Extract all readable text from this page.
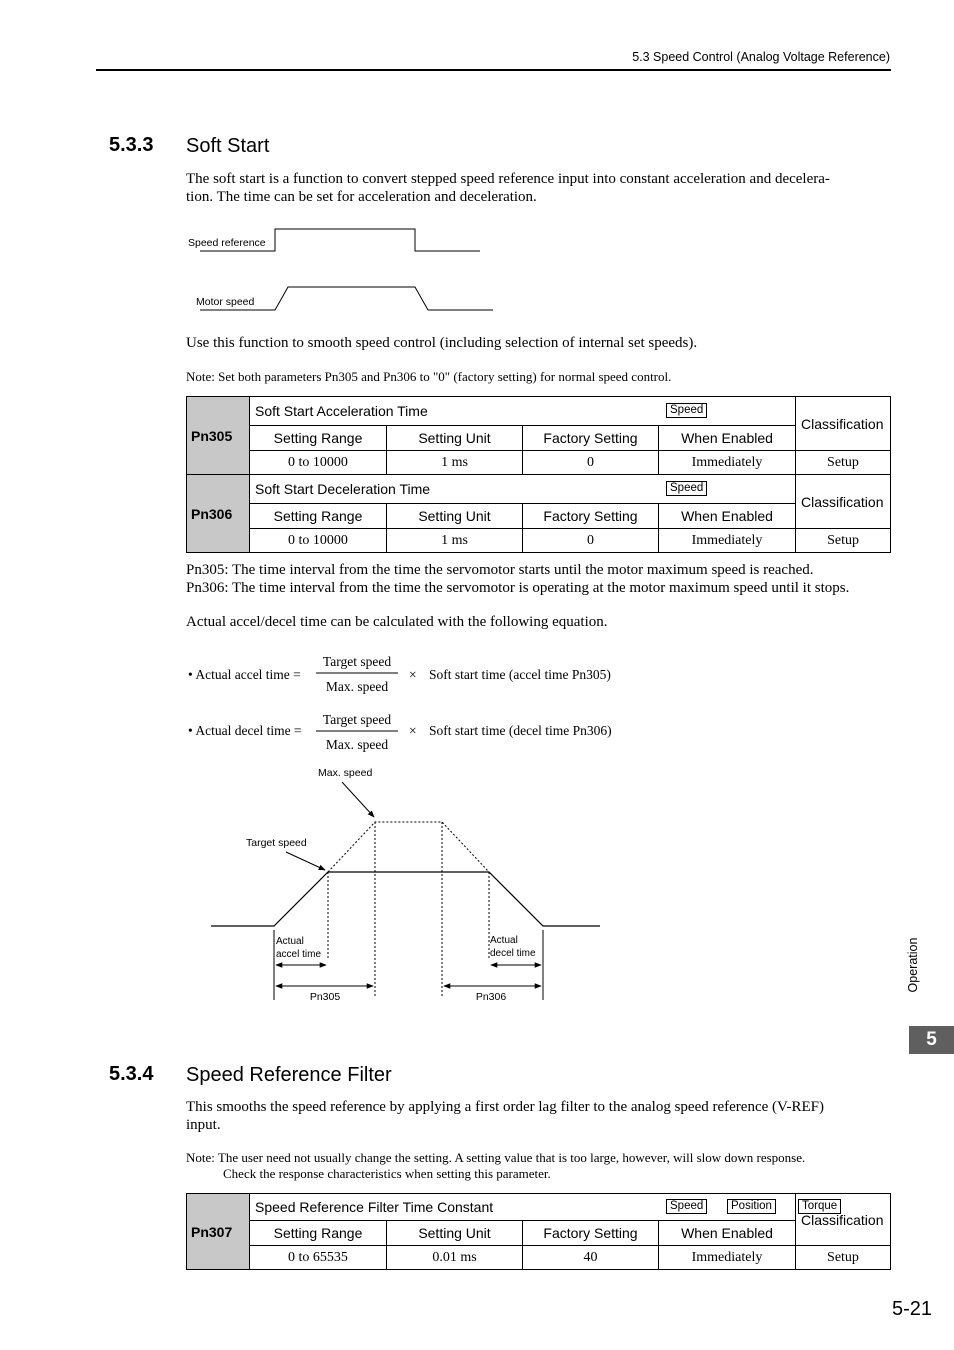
5.3 Speed Control (Analog Voltage Reference)
5.3.3 Soft Start
The soft start is a function to convert stepped speed reference input into constant acceleration and decelera-
tion. The time can be set for acceleration and deceleration.
Speed reference
Motor speed
Use this function to smooth speed control (including selection of internal set speeds).
Note: Set both parameters Pn305 and Pn306 to "0" (factory setting) for normal speed control.
Pn305	Soft Start Acceleration Time Speed				Classification
	Setting Range	Setting Unit	Factory Setting	When Enabled	
	0 to 10000	1 ms	0	Immediately	Setup
Pn306	Soft Start Deceleration Time Speed				Classification
	Setting Range	Setting Unit	Factory Setting	When Enabled	
	0 to 10000	1 ms	0	Immediately	Setup
Pn305: The time interval from the time the servomotor starts until the motor maximum speed is reached.
Pn306: The time interval from the time the servomotor is operating at the motor maximum speed until it stops.
Actual accel/decel time can be calculated with the following equation.
• Actual accel time =
Target speed
Max. speed
× Soft start time (accel time Pn305)
• Actual decel time =
Target speed
Max. speed
× Soft start time (decel time Pn306)
Max. speed
Target speed
Actual
accel time
Actual
decel time
Pn305	Pn306
5.3.4 Speed Reference Filter
This smooths the speed reference by applying a first order lag filter to the analog speed reference (V-REF)
input.
Note: The user need not usually change the setting. A setting value that is too large, however, will slow down response.
Check the response characteristics when setting this parameter.
Pn307	Speed Reference Filter Time Constant Speed Position Torque				Classification
	Setting Range	Setting Unit	Factory Setting	When Enabled	
	0 to 65535	0.01 ms	40	Immediately	Setup
Operation
5
5-21
